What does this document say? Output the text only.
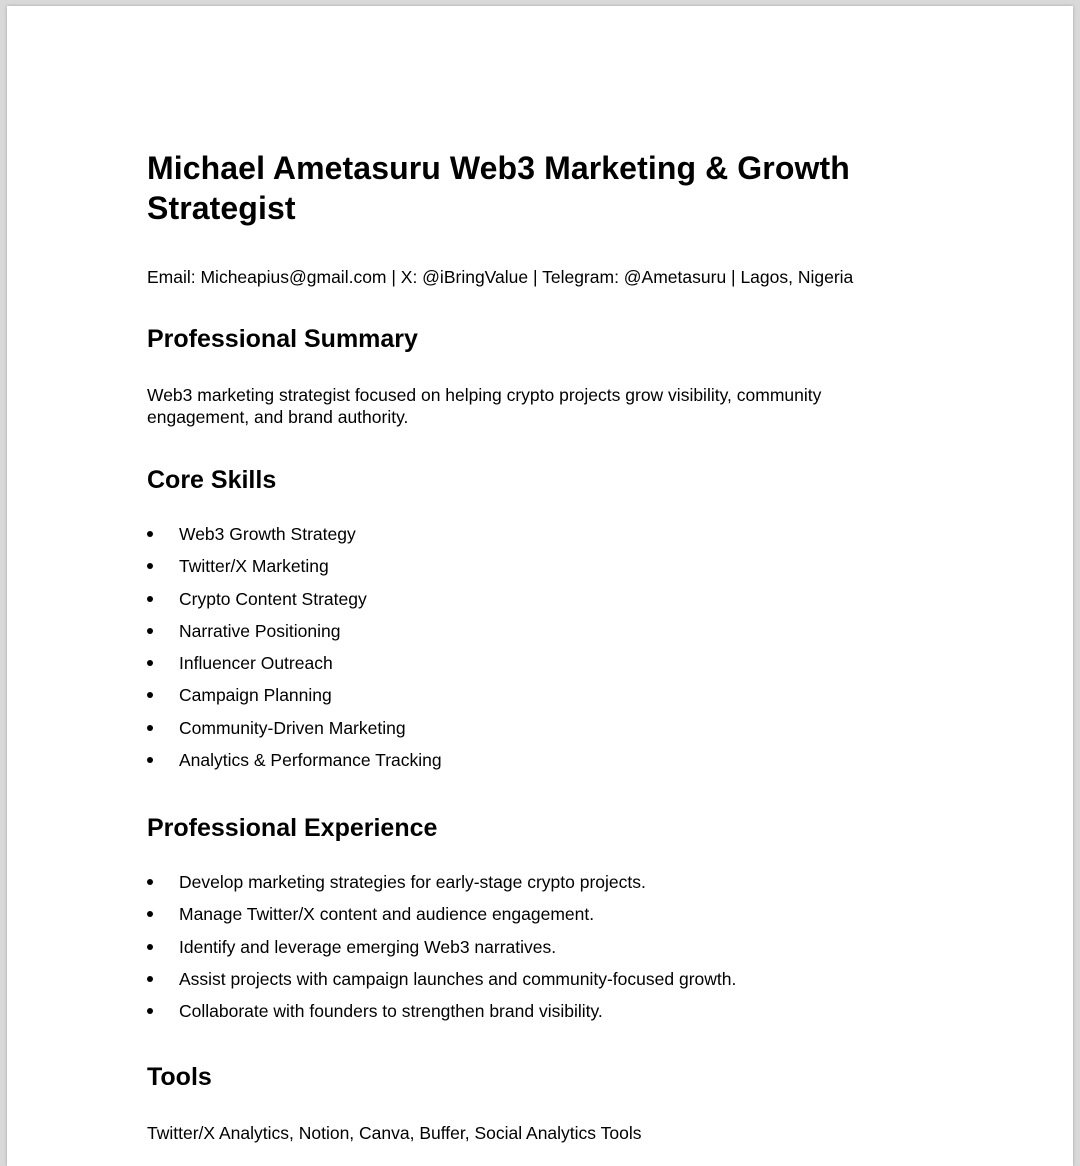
Michael Ametasuru Web3 Marketing & Growth Strategist
Email: Micheapius@gmail.com | X: @iBringValue | Telegram: @Ametasuru | Lagos, Nigeria
Professional Summary
Web3 marketing strategist focused on helping crypto projects grow visibility, community engagement, and brand authority.
Core Skills
Web3 Growth Strategy
Twitter/X Marketing
Crypto Content Strategy
Narrative Positioning
Influencer Outreach
Campaign Planning
Community-Driven Marketing
Analytics & Performance Tracking
Professional Experience
Develop marketing strategies for early-stage crypto projects.
Manage Twitter/X content and audience engagement.
Identify and leverage emerging Web3 narratives.
Assist projects with campaign launches and community-focused growth.
Collaborate with founders to strengthen brand visibility.
Tools
Twitter/X Analytics, Notion, Canva, Buffer, Social Analytics Tools
